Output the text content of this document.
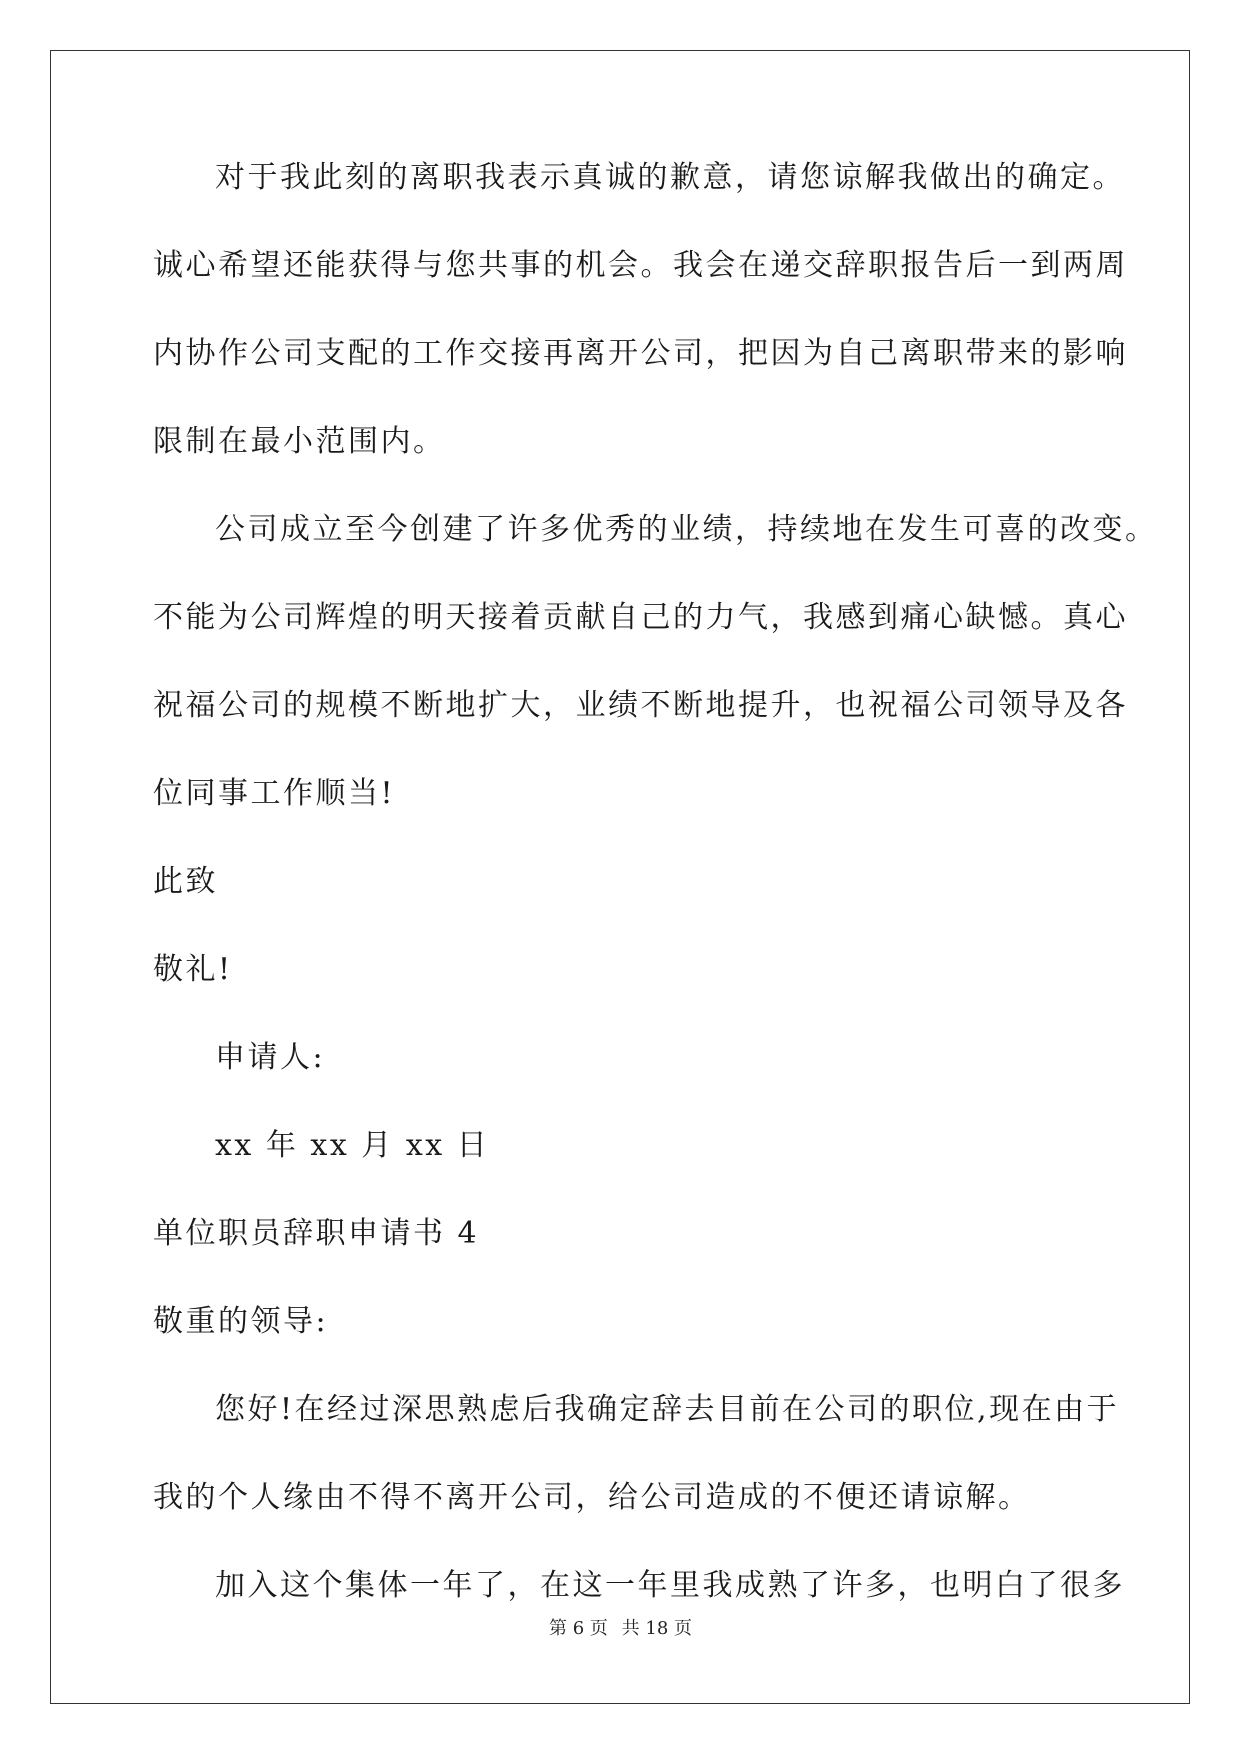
对于我此刻的离职我表示真诚的歉意，请您谅解我做出的确定。
诚心希望还能获得与您共事的机会。我会在递交辞职报告后一到两周
内协作公司支配的工作交接再离开公司，把因为自己离职带来的影响
限制在最小范围内。
公司成立至今创建了许多优秀的业绩，持续地在发生可喜的改变。
不能为公司辉煌的明天接着贡献自己的力气，我感到痛心缺憾。真心
祝福公司的规模不断地扩大，业绩不断地提升，也祝福公司领导及各
位同事工作顺当!
此致
敬礼!
申请人:
xx 年 xx 月 xx 日
单位职员辞职申请书 4
敬重的领导:
您好!在经过深思熟虑后我确定辞去目前在公司的职位,现在由于
我的个人缘由不得不离开公司，给公司造成的不便还请谅解。
加入这个集体一年了，在这一年里我成熟了许多，也明白了很多
第 6 页 共 18 页
